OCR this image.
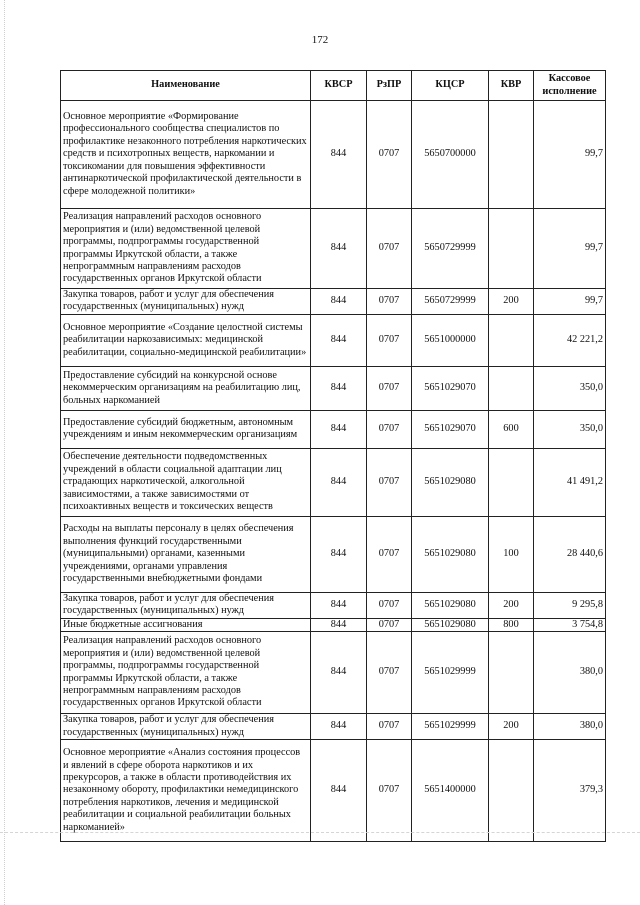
172
Наименование	КВСР	РзПР	КЦСР	КВР	Кассовое исполнение
Основное мероприятие «Формирование профессионального сообщества специалистов по профилактике незаконного потребления наркотических средств и психотропных веществ, наркомании и токсикомании для повышения эффективности антинаркотической профилактической деятельности в сфере молодежной политики»	844	0707	5650700000		99,7
Реализация направлений расходов основного мероприятия и (или) ведомственной целевой программы, подпрограммы государственной программы Иркутской области, а также непрограммным направлениям расходов государственных органов Иркутской области	844	0707	5650729999		99,7
Закупка товаров, работ и услуг для обеспечения государственных (муниципальных) нужд	844	0707	5650729999	200	99,7
Основное мероприятие «Создание целостной системы реабилитации наркозависимых: медицинской реабилитации, социально-медицинской реабилитации»	844	0707	5651000000		42 221,2
Предоставление субсидий на конкурсной основе некоммерческим организациям на реабилитацию лиц, больных наркоманией	844	0707	5651029070		350,0
Предоставление субсидий бюджетным, автономным учреждениям и иным некоммерческим организациям	844	0707	5651029070	600	350,0
Обеспечение деятельности подведомственных учреждений в области социальной адаптации лиц страдающих наркотической, алкогольной зависимостями, а также зависимостями от психоактивных веществ и токсических веществ	844	0707	5651029080		41 491,2
Расходы на выплаты персоналу в целях обеспечения выполнения функций государственными (муниципальными) органами, казенными учреждениями, органами управления государственными внебюджетными фондами	844	0707	5651029080	100	28 440,6
Закупка товаров, работ и услуг для обеспечения государственных (муниципальных) нужд	844	0707	5651029080	200	9 295,8
Иные бюджетные ассигнования	844	0707	5651029080	800	3 754,8
Реализация направлений расходов основного мероприятия и (или) ведомственной целевой программы, подпрограммы государственной программы Иркутской области, а также непрограммным направлениям расходов государственных органов Иркутской области	844	0707	5651029999		380,0
Закупка товаров, работ и услуг для обеспечения государственных (муниципальных) нужд	844	0707	5651029999	200	380,0
Основное мероприятие «Анализ состояния процессов и явлений в сфере оборота наркотиков и их прекурсоров, а также в области противодействия их незаконному обороту, профилактики немедицинского потребления наркотиков, лечения и медицинской реабилитации и социальной реабилитации больных наркоманией»	844	0707	5651400000		379,3
